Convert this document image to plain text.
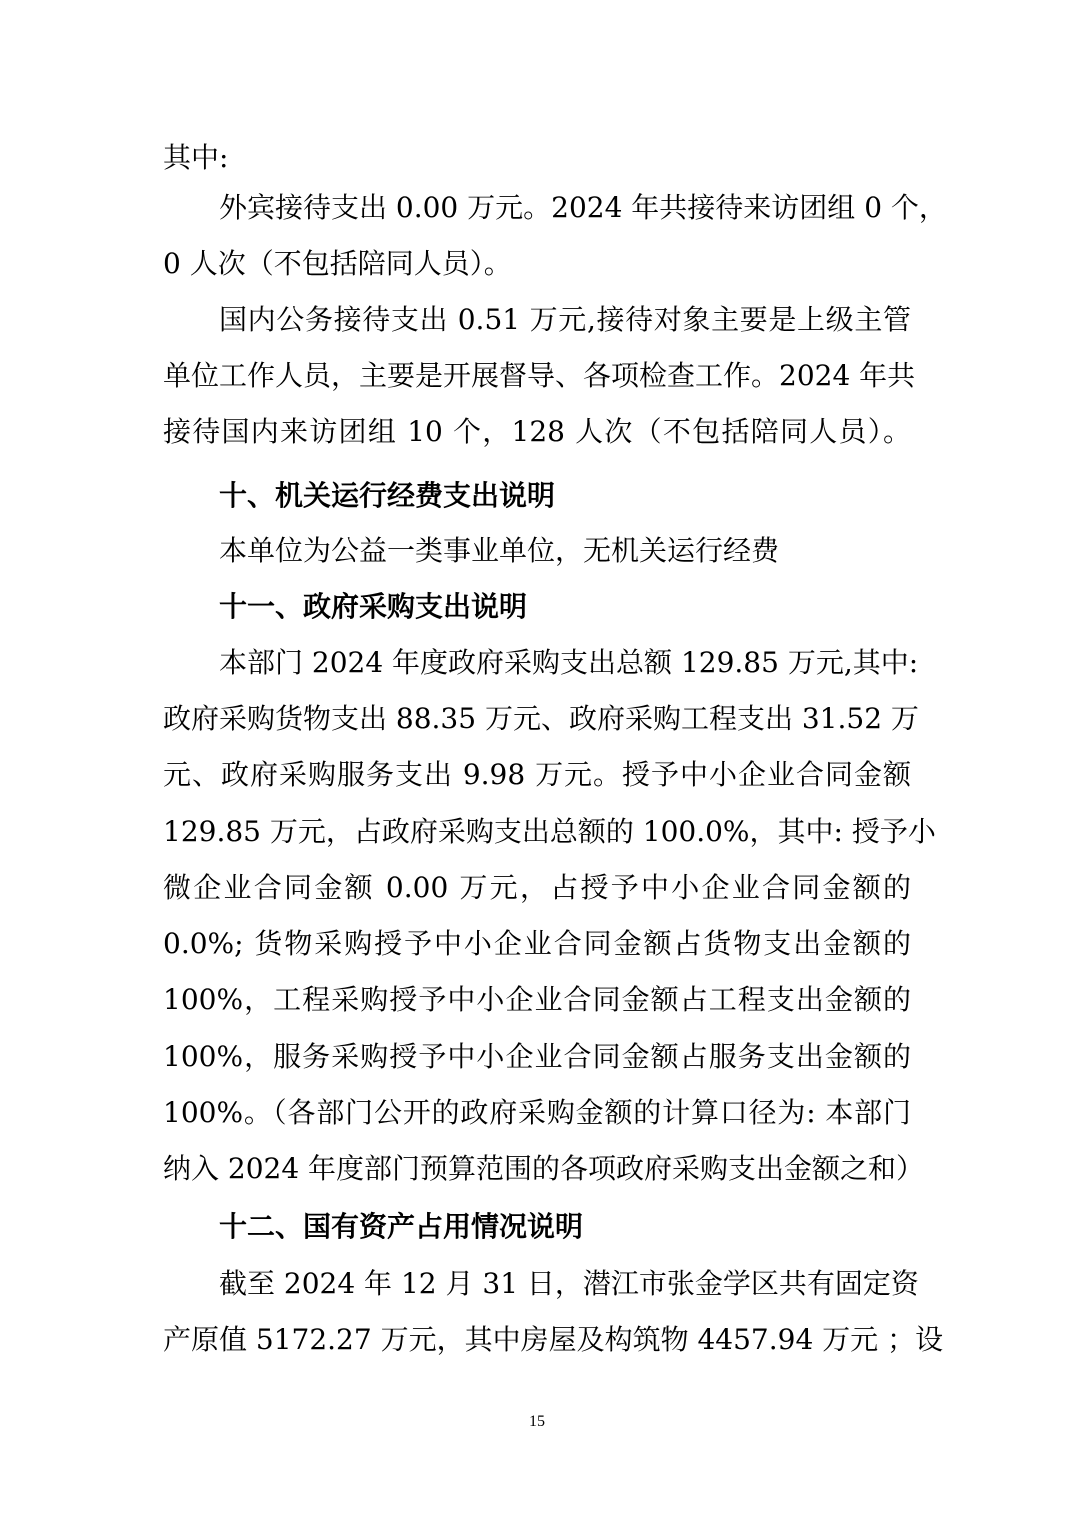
其中:
外宾接待支出 0.00 万元。2024 年共接待来访团组 0 个，
0 人次（不包括陪同人员）。
国内公务接待支出 0.51 万元,接待对象主要是上级主管
单位工作人员，主要是开展督导、各项检查工作。2024 年共
接待国内来访团组 10 个，128 人次（不包括陪同人员）。
十、机关运行经费支出说明
本单位为公益一类事业单位，无机关运行经费
十一、政府采购支出说明
本部门 2024 年度政府采购支出总额 129.85 万元,其中:
政府采购货物支出 88.35 万元、政府采购工程支出 31.52 万
元、政府采购服务支出 9.98 万元。授予中小企业合同金额
129.85 万元，占政府采购支出总额的 100.0%，其中: 授予小
微企业合同金额 0.00 万元，占授予中小企业合同金额的
0.0%; 货物采购授予中小企业合同金额占货物支出金额的
100%，工程采购授予中小企业合同金额占工程支出金额的
100%，服务采购授予中小企业合同金额占服务支出金额的
100%。（各部门公开的政府采购金额的计算口径为: 本部门
纳入 2024 年度部门预算范围的各项政府采购支出金额之和）
十二、国有资产占用情况说明
截至 2024 年 12 月 31 日，潜江市张金学区共有固定资
产原值 5172.27 万元，其中房屋及构筑物 4457.94 万元 ；设
15
